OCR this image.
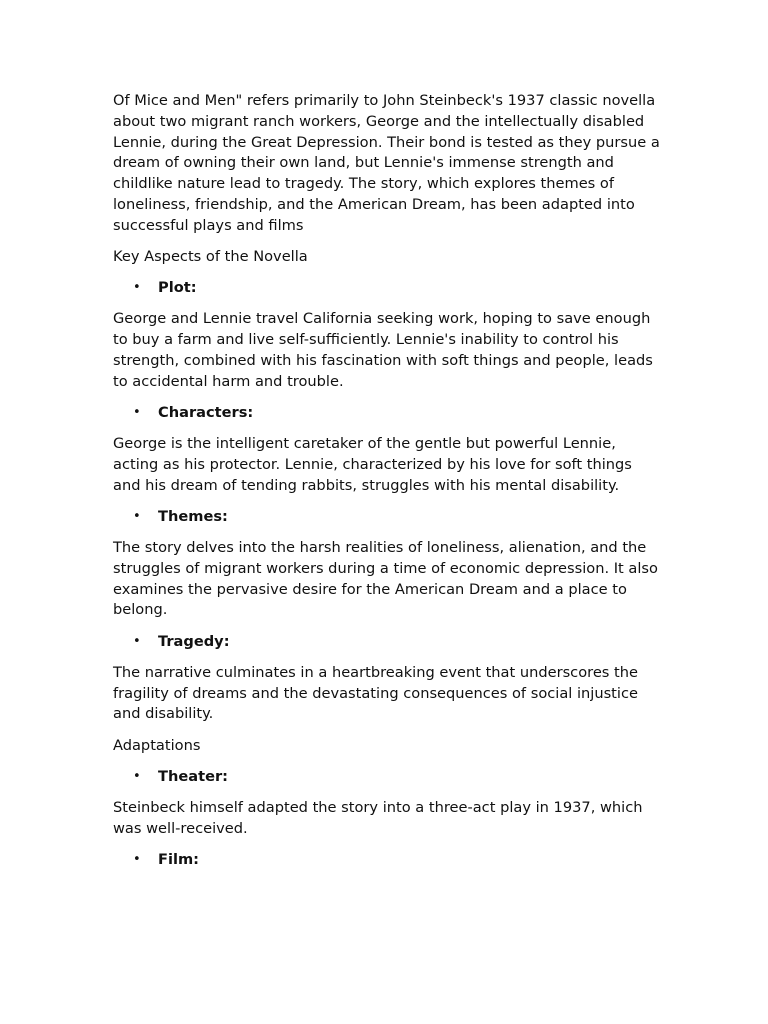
Of Mice and Men" refers primarily to John Steinbeck's 1937 classic novella about two migrant ranch workers, George and the intellectually disabled Lennie, during the Great Depression. Their bond is tested as they pursue a dream of owning their own land, but Lennie's immense strength and childlike nature lead to tragedy. The story, which explores themes of loneliness, friendship, and the American Dream, has been adapted into successful plays and films

Key Aspects of the Novella

• Plot:

George and Lennie travel California seeking work, hoping to save enough to buy a farm and live self-sufficiently. Lennie's inability to control his strength, combined with his fascination with soft things and people, leads to accidental harm and trouble.

• Characters:

George is the intelligent caretaker of the gentle but powerful Lennie, acting as his protector. Lennie, characterized by his love for soft things and his dream of tending rabbits, struggles with his mental disability.

• Themes:

The story delves into the harsh realities of loneliness, alienation, and the struggles of migrant workers during a time of economic depression. It also examines the pervasive desire for the American Dream and a place to belong.

• Tragedy:

The narrative culminates in a heartbreaking event that underscores the fragility of dreams and the devastating consequences of social injustice and disability.

Adaptations

• Theater:

Steinbeck himself adapted the story into a three-act play in 1937, which was well-received.

• Film:
